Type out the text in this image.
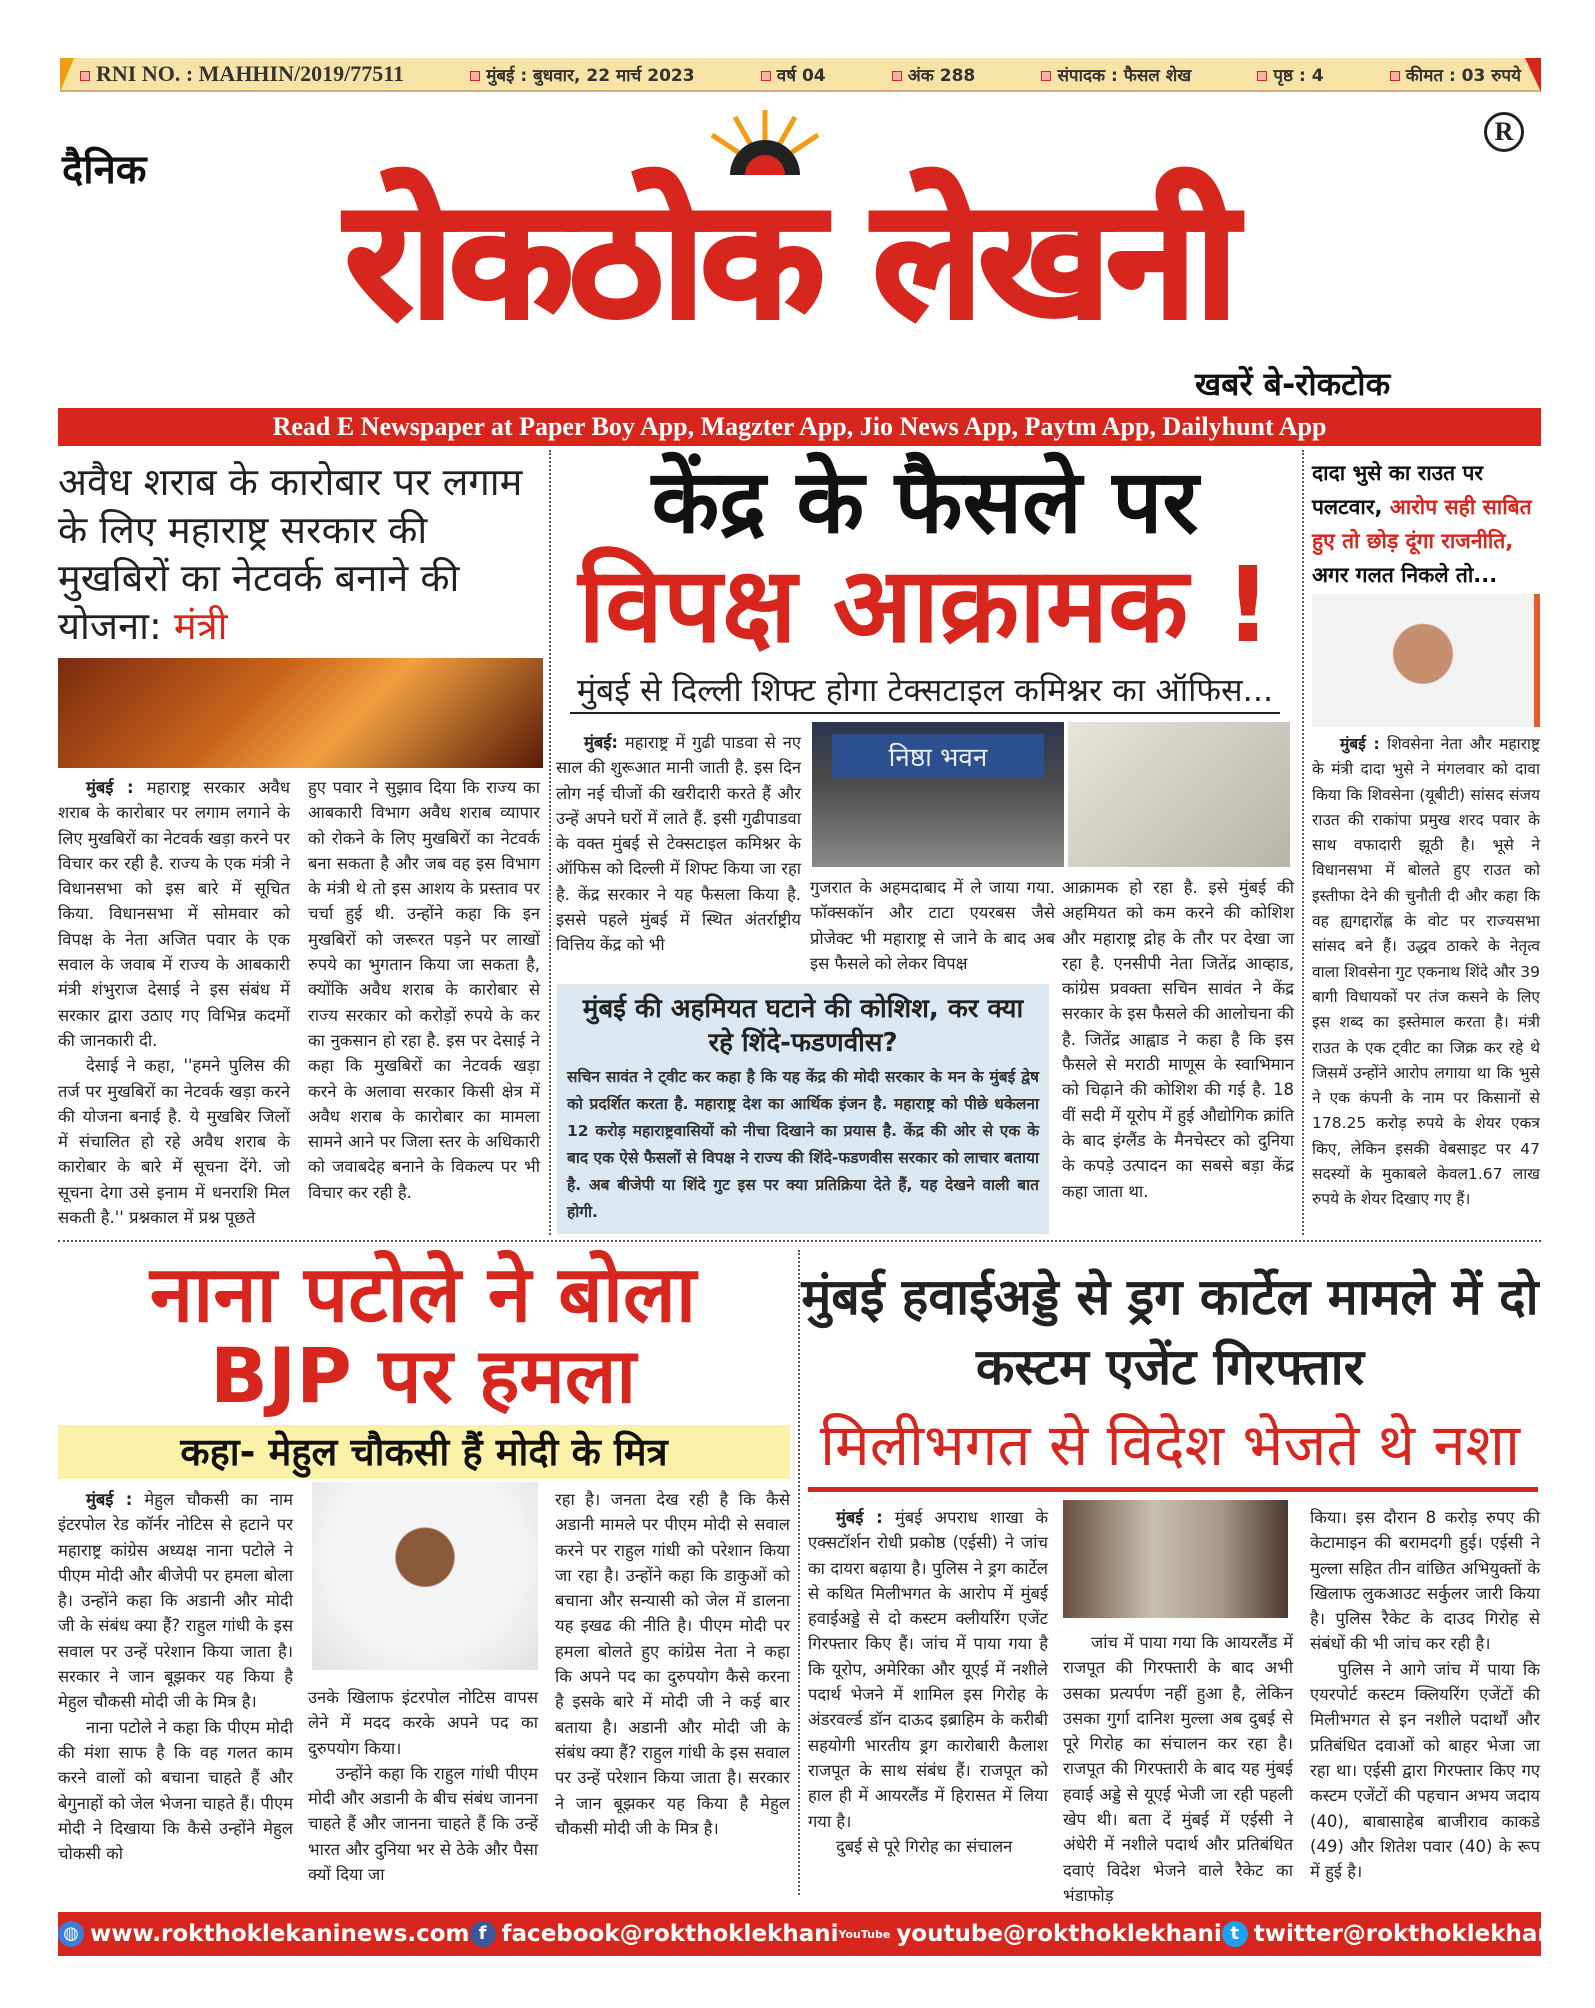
RNI NO. : MAHHIN/2019/77511	मुंबई : बुधवार, 22 मार्च 2023	वर्ष 04	अंक 288	संपादक : फैसल शेख	पृष्ठ : 4	कीमत : 03 रुपये
दैनिक	रोकठोक लेखनी
R
खबरें बे-रोकटोक
Read E Newspaper at Paper Boy App, Magzter App, Jio News App, Paytm App, Dailyhunt App
अवैध शराब के कारोबार पर लगाम के लिए महाराष्ट्र सरकार की मुखबिरों का नेटवर्क बनाने की योजना: मंत्री

मुंबई : महाराष्ट्र सरकार अवैध शराब के कारोबार पर लगाम लगाने के लिए मुखबिरों का नेटवर्क खड़ा करने पर विचार कर रही है. राज्य के एक मंत्री ने विधानसभा को इस बारे में सूचित किया. विधानसभा में सोमवार को विपक्ष के नेता अजित पवार के एक सवाल के जवाब में राज्य के आबकारी मंत्री शंभुराज देसाई ने इस संबंध में सरकार द्वारा उठाए गए विभिन्न कदमों की जानकारी दी.

देसाई ने कहा, ''हमने पुलिस की तर्ज पर मुखबिरों का नेटवर्क खड़ा करने की योजना बनाई है. ये मुखबिर जिलों में संचालित हो रहे अवैध शराब के कारोबार के बारे में सूचना देंगे. जो सूचना देगा उसे इनाम में धनराशि मिल सकती है.'' प्रश्नकाल में प्रश्न पूछते

हुए पवार ने सुझाव दिया कि राज्य का आबकारी विभाग अवैध शराब व्यापार को रोकने के लिए मुखबिरों का नेटवर्क बना सकता है और जब वह इस विभाग के मंत्री थे तो इस आशय के प्रस्ताव पर चर्चा हुई थी. उन्होंने कहा कि इन मुखबिरों को जरूरत पड़ने पर लाखों रुपये का भुगतान किया जा सकता है, क्योंकि अवैध शराब के कारोबार से राज्य सरकार को करोड़ों रुपये के कर का नुकसान हो रहा है. इस पर देसाई ने कहा कि मुखबिरों का नेटवर्क खड़ा करने के अलावा सरकार किसी क्षेत्र में अवैध शराब के कारोबार का मामला सामने आने पर जिला स्तर के अधिकारी को जवाबदेह बनाने के विकल्प पर भी विचार कर रही है.
केंद्र के फैसले पर
विपक्ष आक्रामक !
मुंबई से दिल्ली शिफ्ट होगा टेक्सटाइल कमिश्नर का ऑफिस...

मुंबई: महाराष्ट्र में गुढी पाडवा से नए साल की शुरूआत मानी जाती है. इस दिन लोग नई चीजों की खरीदारी करते हैं और उन्हें अपने घरों में लाते हैं. इसी गुढीपाडवा के वक्त मुंबई से टेक्सटाइल कमिश्नर के ऑफिस को दिल्ली में शिफ्ट किया जा रहा है. केंद्र सरकार ने यह फैसला किया है. इससे पहले मुंबई में स्थित अंतर्राष्ट्रीय वित्तिय केंद्र को भी

निष्ठा भवन
गुजरात के अहमदाबाद में ले जाया गया. फॉक्सकॉन और टाटा एयरबस जैसे प्रोजेक्ट भी महाराष्ट्र से जाने के बाद अब इस फैसले को लेकर विपक्ष
आक्रामक हो रहा है. इसे मुंबई की अहमियत को कम करने की कोशिश और महाराष्ट्र द्रोह के तौर पर देखा जा रहा है. एनसीपी नेता जितेंद्र आव्हाड, कांग्रेस प्रवक्ता सचिन सावंत ने केंद्र सरकार के इस फैसले की आलोचना की है. जितेंद्र आह्वाड ने कहा है कि इस फैसले से मराठी माणूस के स्वाभिमान को चिढ़ाने की कोशिश की गई है. 18 वीं सदी में यूरोप में हुई औद्योगिक क्रांति के बाद इंग्लैंड के मैनचेस्टर को दुनिया के कपड़े उत्पादन का सबसे बड़ा केंद्र कहा जाता था.
मुंबई की अहमियत घटाने की कोशिश, कर क्या रहे शिंदे-फडणवीस?
सचिन सावंत ने ट्वीट कर कहा है कि यह केंद्र की मोदी सरकार के मन के मुंबई द्वेष को प्रदर्शित करता है. महाराष्ट्र देश का आर्थिक इंजन है. महाराष्ट्र को पीछे धकेलना 12 करोड़ महाराष्ट्रवासियों को नीचा दिखाने का प्रयास है. केंद्र की ओर से एक के बाद एक ऐसे फैसलों से विपक्ष ने राज्य की शिंदे-फडणवीस सरकार को लाचार बताया है. अब बीजेपी या शिंदे गुट इस पर क्या प्रतिक्रिया देते हैं, यह देखने वाली बात होगी.
दादा भुसे का राउत पर पलटवार, आरोप सही साबित हुए तो छोड़ दूंगा राजनीति,
अगर गलत निकले तो...

मुंबई : शिवसेना नेता और महाराष्ट्र के मंत्री दादा भुसे ने मंगलवार को दावा किया कि शिवसेना (यूबीटी) सांसद संजय राउत की राकांपा प्रमुख शरद पवार के साथ वफादारी झूठी है। भूसे ने विधानसभा में बोलते हुए राउत को इस्तीफा देने की चुनौती दी और कहा कि वह ह्यगद्दारोंह्ल के वोट पर राज्यसभा सांसद बने हैं। उद्धव ठाकरे के नेतृत्व वाला शिवसेना गुट एकनाथ शिंदे और 39 बागी विधायकों पर तंज कसने के लिए इस शब्द का इस्तेमाल करता है। मंत्री राउत के एक ट्वीट का जिक्र कर रहे थे जिसमें उन्होंने आरोप लगाया था कि भुसे ने एक कंपनी के नाम पर किसानों से 178.25 करोड़ रुपये के शेयर एकत्र किए, लेकिन इसकी वेबसाइट पर 47 सदस्यों के मुकाबले केवल1.67 लाख रुपये के शेयर दिखाए गए हैं।

नाना पटोले ने बोला
BJP पर हमला
कहा- मेहुल चौकसी हैं मोदी के मित्र

मुंबई : मेहुल चौकसी का नाम इंटरपोल रेड कॉर्नर नोटिस से हटाने पर महाराष्ट्र कांग्रेस अध्यक्ष नाना पटोले ने पीएम मोदी और बीजेपी पर हमला बोला है। उन्होंने कहा कि अडानी और मोदी जी के संबंध क्या हैं? राहुल गांधी के इस सवाल पर उन्हें परेशान किया जाता है। सरकार ने जान बूझकर यह किया है मेहुल चौकसी मोदी जी के मित्र है।

नाना पटोले ने कहा कि पीएम मोदी की मंशा साफ है कि वह गलत काम करने वालों को बचाना चाहते हैं और बेगुनाहों को जेल भेजना चाहते हैं। पीएम मोदी ने दिखाया कि कैसे उन्होंने मेहुल चोकसी को

उनके खिलाफ इंटरपोल नोटिस वापस लेने में मदद करके अपने पद का दुरुपयोग किया।

उन्होंने कहा कि राहुल गांधी पीएम मोदी और अडानी के बीच संबंध जानना चाहते हैं और जानना चाहते हैं कि उन्हें भारत और दुनिया भर से ठेके और पैसा क्यों दिया जा

रहा है। जनता देख रही है कि कैसे अडानी मामले पर पीएम मोदी से सवाल करने पर राहुल गांधी को परेशान किया जा रहा है। उन्होंने कहा कि डाकुओं को बचाना और सन्यासी को जेल में डालना यह इखढ की नीति है। पीएम मोदी पर हमला बोलते हुए कांग्रेस नेता ने कहा कि अपने पद का दुरुपयोग कैसे करना है इसके बारे में मोदी जी ने कई बार बताया है। अडानी और मोदी जी के संबंध क्या हैं? राहुल गांधी के इस सवाल पर उन्हें परेशान किया जाता है। सरकार ने जान बूझकर यह किया है मेहुल चौकसी मोदी जी के मित्र है।
मुंबई हवाईअड्डे से ड्रग कार्टेल मामले में दो कस्टम एजेंट गिरफ्तार
मिलीभगत से विदेश भेजते थे नशा

मुंबई : मुंबई अपराध शाखा के एक्सटॉर्शन रोधी प्रकोष्ठ (एईसी) ने जांच का दायरा बढ़ाया है। पुलिस ने ड्रग कार्टेल से कथित मिलीभगत के आरोप में मुंबई हवाईअड्डे से दो कस्टम क्लीयरिंग एजेंट गिरफ्तार किए हैं। जांच में पाया गया है कि यूरोप, अमेरिका और यूएई में नशीले पदार्थ भेजने में शामिल इस गिरोह के अंडरवर्ल्ड डॉन दाऊद इब्राहिम के करीबी सहयोगी भारतीय ड्रग कारोबारी कैलाश राजपूत के साथ संबंध हैं। राजपूत को हाल ही में आयरलैंड में हिरासत में लिया गया है।

दुबई से पूरे गिरोह का संचालन

जांच में पाया गया कि आयरलैंड में राजपूत की गिरफ्तारी के बाद अभी उसका प्रत्यर्पण नहीं हुआ है, लेकिन उसका गुर्गा दानिश मुल्ला अब दुबई से पूरे गिरोह का संचालन कर रहा है। राजपूत की गिरफ्तारी के बाद यह मुंबई हवाई अड्डे से यूएई भेजी जा रही पहली खेप थी। बता दें मुंबई में एईसी ने अंधेरी में नशीले पदार्थ और प्रतिबंधित दवाएं विदेश भेजने वाले रैकेट का भंडाफोड़

किया। इस दौरान 8 करोड़ रुपए की केटामाइन की बरामदगी हुई। एईसी ने मुल्ला सहित तीन वांछित अभियुक्तों के खिलाफ लुकआउट सर्कुलर जारी किया है। पुलिस रैकेट के दाउद गिरोह से संबंधों की भी जांच कर रही है।

पुलिस ने आगे जांच में पाया कि एयरपोर्ट कस्टम क्लियरिंग एजेंटों की मिलीभगत से इन नशीले पदार्थों और प्रतिबंधित दवाओं को बाहर भेजा जा रहा था। एईसी द्वारा गिरफ्तार किए गए कस्टम एजेंटों की पहचान अभय जदाय (40), बाबासाहेब बाजीराव काकडे (49) और शितेश पवार (40) के रूप में हुई है।

◍ www.rokthoklekaninews.com f facebook@rokthoklekhani YouTube youtube@rokthoklekhani t twitter@rokthoklekhani
